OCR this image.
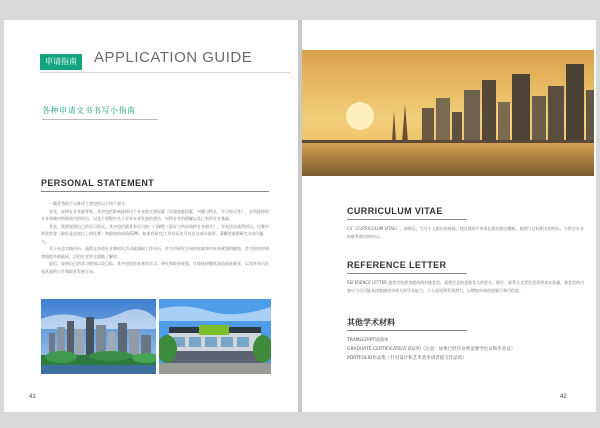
申请指南	APPLICATION GUIDE
各种申请文书书写小指南
PERSONAL STATEMENT

一篇优秀的个人陈述主要包括以下四个部分。

首先，说明专业来源背景。其中包括影响选择这个专业的主要因素（比如家庭因素、兴趣与特长、学习经历等），在所选择的专业领域中特别成功的经历，以及个别程中关于学术未来发展的想法，对所专业的理解以及已有的专业基础。

其次，需要说明自己的学习状况。其中包括最具有学习的一门课程（最好与所申请的专业相关），学术活动获得项目，比赛中获奖荣誉（最好是在校以上的比赛）和最终的成绩/GPA，如果有研究/工作经历也可以在这部分说明，清晰的说明研究方向与能力。

关于社会实践经历，通常在申请专业和相关活动或兼职工作经历，作为对研究方向的探索和对未来规划的铺垫，会为你的申请增加很多的砝码，让招生官更全面地了解你。

最后，说明自己的学习规划以及目标。其中包括你未来的学习、研究和职业规划，比如选择继续深造或是就业，以及毕业后计划从事的工作和职业发展方向。

41
CURRICULUM VITAE
CV（CURRICULUM VITAE），即简历，写写个人简历的时候，建议使用不容易出错的简洁模板，梳理与目标相关的经历，与所学专业的联系相关的经历。
REFERENCE LETTER
REFERENCE LETTER 通常学校要求提供两封推荐信，需要注意的是推荐人的姓名、职位、联系方式等信息需要真实准确，推荐信的内容应当尽可能具体地描述申请人的学术能力、个人品质和发展潜力，以增加申请的说服力和可信度。
其他学术材料
TRANSCRIPT成绩单
GRADUATE CERTIFICATE/在读证明（注意：如果已经毕业则需要学位证和毕业证）
PORTFOLIO作品集（针对设计和艺术类申请者提交作品集）
42
